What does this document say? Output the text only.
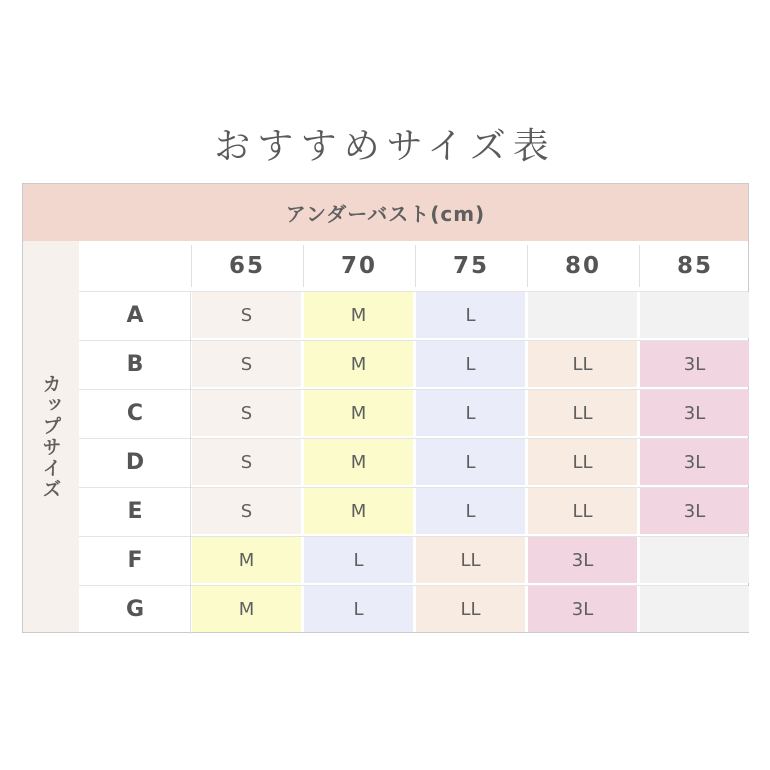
おすすめサイズ表
アンダーバスト(cm)
カップサイズ
65	70	75	80	85
A	S	M	L
B	S	M	L	LL	3L
C	S	M	L	LL	3L
D	S	M	L	LL	3L
E	S	M	L	LL	3L
F	M	L	LL	3L
G	M	L	LL	3L
